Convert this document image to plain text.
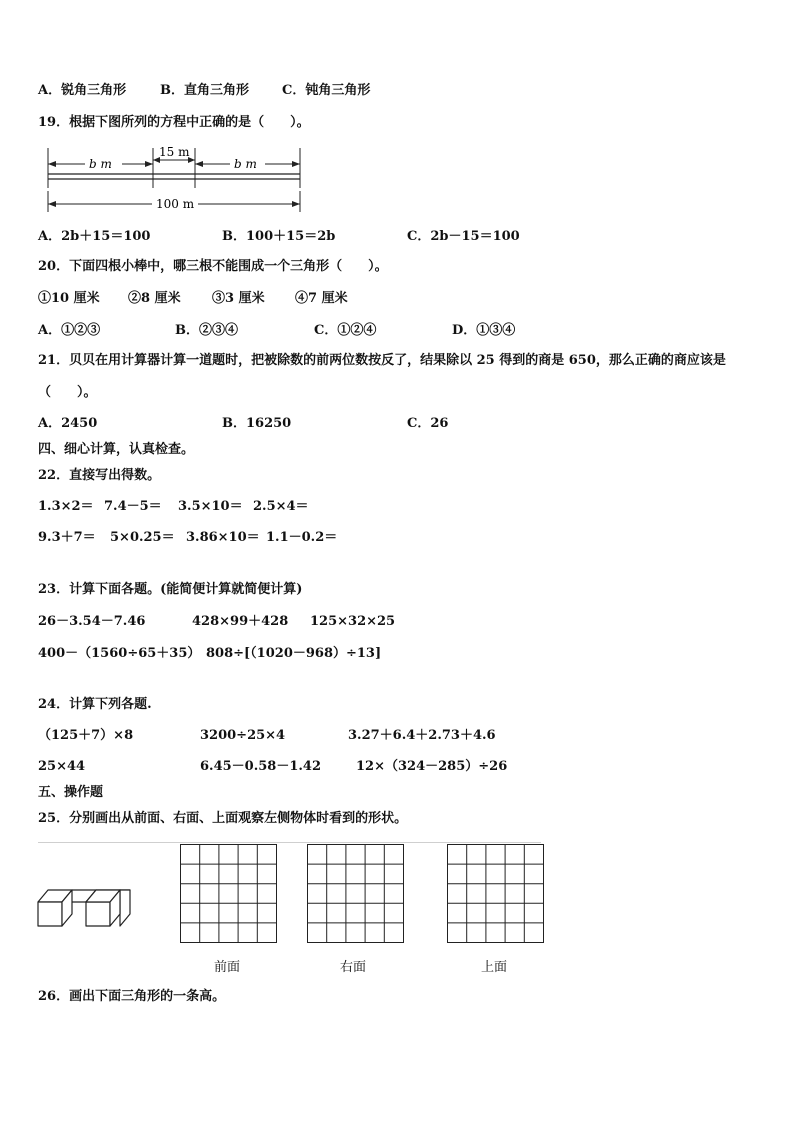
A．锐角三角形	B．直角三角形	C．钝角三角形
19．根据下图所列的方程中正确的是（　　）。
b m
15 m
b m
100 m
A．2b＋15＝100	B．100＋15＝2b	C．2b－15＝100
20．下面四根小棒中，哪三根不能围成一个三角形（　　）。
①10 厘米 ②8 厘米 ③3 厘米 ④7 厘米
A．①②③	B．②③④	C．①②④	D．①③④
21．贝贝在用计算器计算一道题时，把被除数的前两位数按反了，结果除以 25 得到的商是 650，那么正确的商应该是
（　　）。
A．2450	B．16250	C．26
四、细心计算，认真检查。
22．直接写出得数。
1.3×2＝ 7.4－5＝ 3.5×10＝ 2.5×4＝
9.3＋7＝ 5×0.25＝ 3.86×10＝ 1.1－0.2＝
23．计算下面各题。(能简便计算就简便计算)
26－3.54－7.46	428×99＋428 125×32×25
400－（1560÷65＋35） 808÷[（1020－968）÷13]
24．计算下列各题.
（125＋7）×8	3200÷25×4	3.27＋6.4＋2.73＋4.6
25×44	6.45－0.58－1.42	12×（324－285）÷26
五、操作题
25．分别画出从前面、右面、上面观察左侧物体时看到的形状。
前面	右面	上面
26．画出下面三角形的一条高。
